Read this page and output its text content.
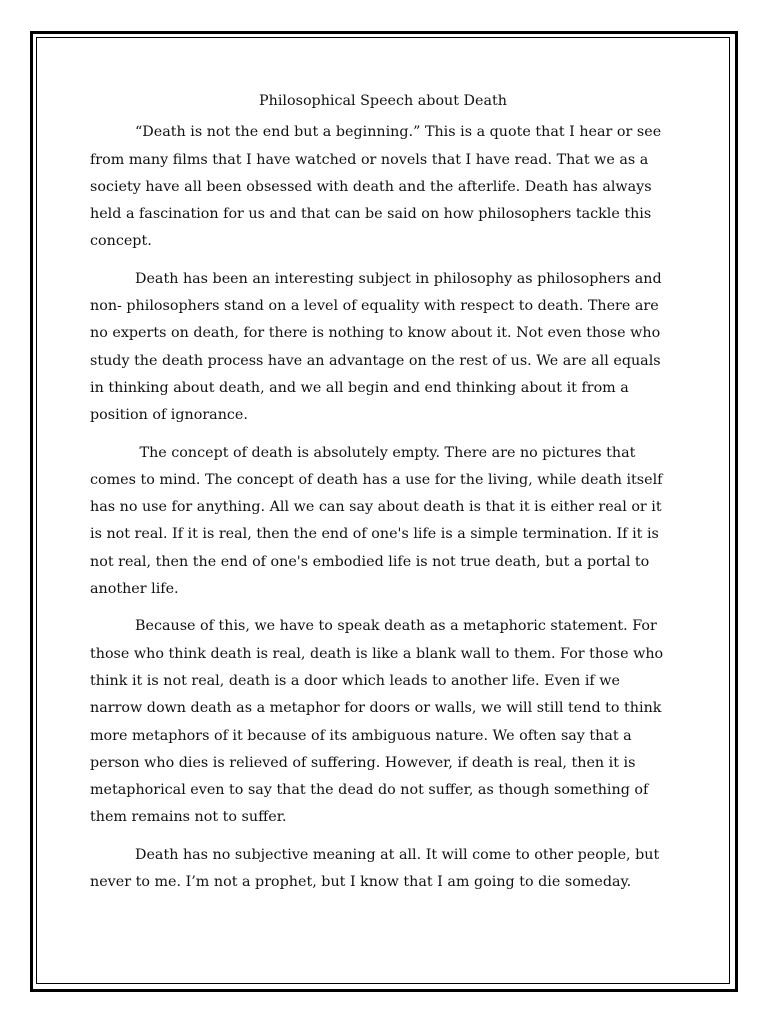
Philosophical Speech about Death

“Death is not the end but a beginning.” This is a quote that I hear or see from many films that I have watched or novels that I have read. That we as a society have all been obsessed with death and the afterlife. Death has always held a fascination for us and that can be said on how philosophers tackle this concept.

Death has been an interesting subject in philosophy as philosophers and non- philosophers stand on a level of equality with respect to death. There are no experts on death, for there is nothing to know about it. Not even those who study the death process have an advantage on the rest of us. We are all equals in thinking about death, and we all begin and end thinking about it from a position of ignorance.

The concept of death is absolutely empty. There are no pictures that comes to mind. The concept of death has a use for the living, while death itself has no use for anything. All we can say about death is that it is either real or it is not real. If it is real, then the end of one's life is a simple termination. If it is not real, then the end of one's embodied life is not true death, but a portal to another life.

Because of this, we have to speak death as a metaphoric statement. For those who think death is real, death is like a blank wall to them. For those who think it is not real, death is a door which leads to another life. Even if we narrow down death as a metaphor for doors or walls, we will still tend to think more metaphors of it because of its ambiguous nature. We often say that a person who dies is relieved of suffering. However, if death is real, then it is metaphorical even to say that the dead do not suffer, as though something of them remains not to suffer.

Death has no subjective meaning at all. It will come to other people, but never to me. I’m not a prophet, but I know that I am going to die someday.
